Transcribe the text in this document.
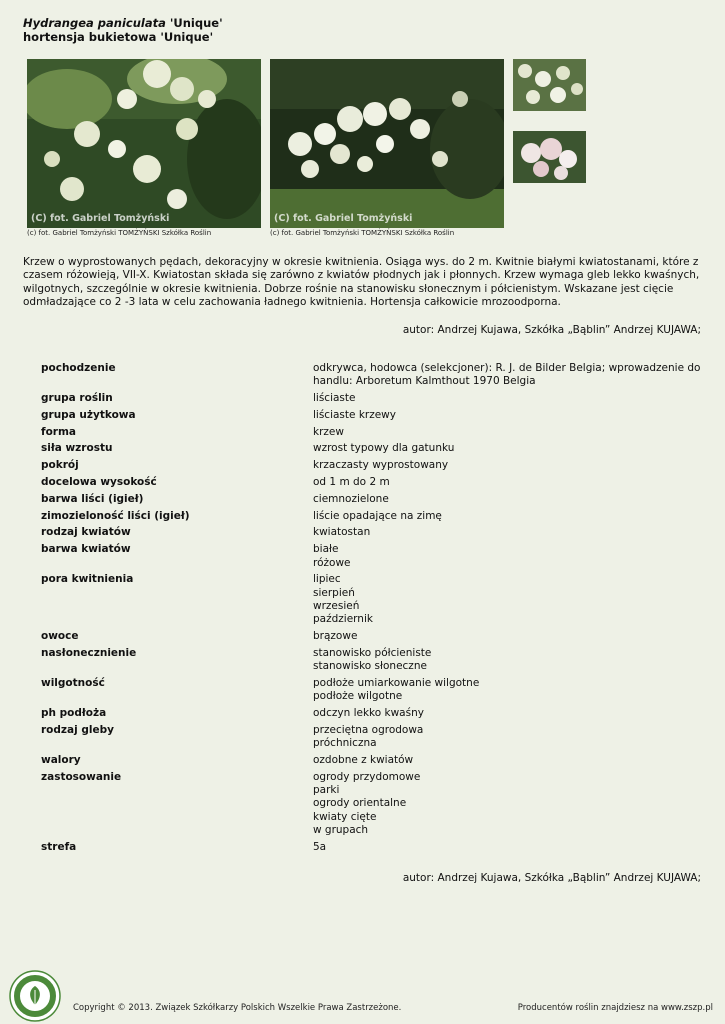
Hydrangea paniculata 'Unique'
hortensja bukietowa 'Unique'
(C) fot. Gabriel Tomżyński	(C) fot. Gabriel Tomżyński
(c) fot. Gabriel Tomżyński TOMŻYŃSKI Szkółka Roślin	(c) fot. Gabriel Tomżyński TOMŻYŃSKI Szkółka Roślin
Krzew o wyprostowanych pędach, dekoracyjny w okresie kwitnienia. Osiąga wys. do 2 m. Kwitnie białymi kwiatostanami, które z czasem różowieją, VII-X. Kwiatostan składa się zarówno z kwiatów płodnych jak i płonnych. Krzew wymaga gleb lekko kwaśnych, wilgotnych, szczególnie w okresie kwitnienia. Dobrze rośnie na stanowisku słonecznym i półcienistym. Wskazane jest cięcie odmładzające co 2 -3 lata w celu zachowania ładnego kwitnienia. Hortensja całkowicie mrozoodporna.
autor: Andrzej Kujawa, Szkółka „Bąblin” Andrzej KUJAWA;
pochodzenie	odkrywca, hodowca (selekcjoner): R. J. de Bilder Belgia; wprowadzenie do handlu: Arboretum Kalmthout 1970 Belgia
grupa roślin	liściaste
grupa użytkowa	liściaste krzewy
forma	krzew
siła wzrostu	wzrost typowy dla gatunku
pokrój	krzaczasty wyprostowany
docelowa wysokość	od 1 m do 2 m
barwa liści (igieł)	ciemnozielone
zimozieloność liści (igieł)	liście opadające na zimę
rodzaj kwiatów	kwiatostan
barwa kwiatów	białe
różowe
pora kwitnienia	lipiec
sierpień
wrzesień
październik
owoce	brązowe
nasłonecznienie	stanowisko półcieniste
stanowisko słoneczne
wilgotność	podłoże umiarkowanie wilgotne
podłoże wilgotne
ph podłoża	odczyn lekko kwaśny
rodzaj gleby	przeciętna ogrodowa
próchniczna
walory	ozdobne z kwiatów
zastosowanie	ogrody przydomowe
parki
ogrody orientalne
kwiaty cięte
w grupach
strefa	5a
autor: Andrzej Kujawa, Szkółka „Bąblin” Andrzej KUJAWA;
Copyright © 2013. Związek Szkółkarzy Polskich Wszelkie Prawa Zastrzeżone.	Producentów roślin znajdziesz na www.zszp.pl
